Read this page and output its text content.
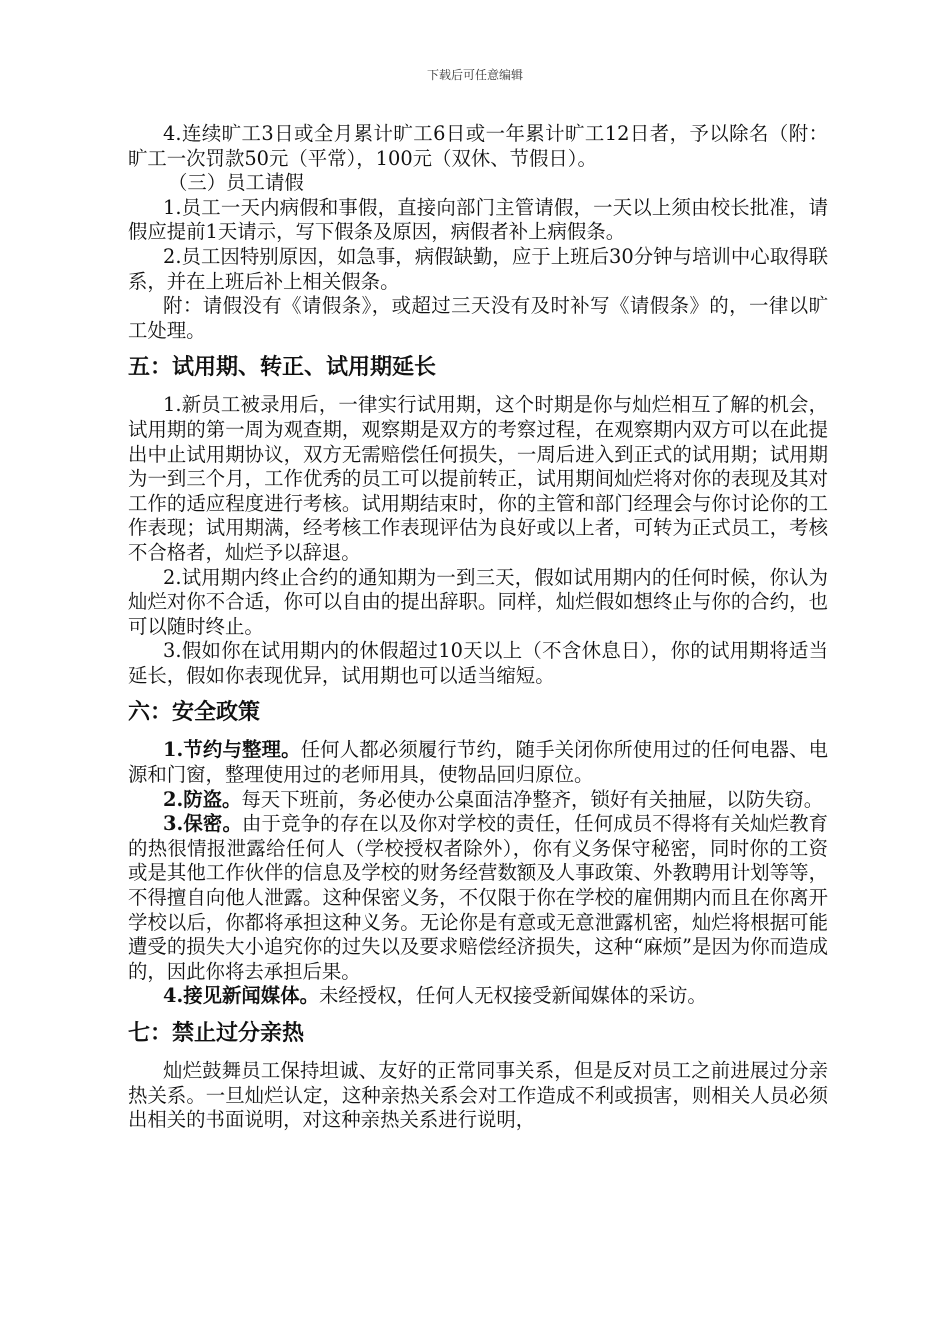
下载后可任意编辑

4.连续旷工3日或全月累计旷工6日或一年累计旷工12日者，予以除名（附：旷工一次罚款50元（平常），100元（双休、节假日）。

（三）员工请假

1.员工一天内病假和事假，直接向部门主管请假，一天以上须由校长批准，请假应提前1天请示，写下假条及原因，病假者补上病假条。

2.员工因特别原因，如急事，病假缺勤，应于上班后30分钟与培训中心取得联系，并在上班后补上相关假条。

附：请假没有《请假条》，或超过三天没有及时补写《请假条》的，一律以旷工处理。

五：试用期、转正、试用期延长

1.新员工被录用后，一律实行试用期，这个时期是你与灿烂相互了解的机会，试用期的第一周为观查期，观察期是双方的考察过程，在观察期内双方可以在此提出中止试用期协议，双方无需赔偿任何损失，一周后进入到正式的试用期；试用期为一到三个月，工作优秀的员工可以提前转正，试用期间灿烂将对你的表现及其对工作的适应程度进行考核。试用期结束时，你的主管和部门经理会与你讨论你的工作表现；试用期满，经考核工作表现评估为良好或以上者，可转为正式员工，考核不合格者，灿烂予以辞退。

2.试用期内终止合约的通知期为一到三天，假如试用期内的任何时候，你认为灿烂对你不合适，你可以自由的提出辞职。同样，灿烂假如想终止与你的合约，也可以随时终止。

3.假如你在试用期内的休假超过10天以上（不含休息日），你的试用期将适当延长，假如你表现优异，试用期也可以适当缩短。

六：安全政策

1.节约与整理。任何人都必须履行节约，随手关闭你所使用过的任何电器、电源和门窗，整理使用过的老师用具，使物品回归原位。

2.防盗。每天下班前，务必使办公桌面洁净整齐，锁好有关抽屉，以防失窃。

3.保密。由于竞争的存在以及你对学校的责任，任何成员不得将有关灿烂教育的热很情报泄露给任何人（学校授权者除外），你有义务保守秘密，同时你的工资或是其他工作伙伴的信息及学校的财务经营数额及人事政策、外教聘用计划等等，不得擅自向他人泄露。这种保密义务，不仅限于你在学校的雇佣期内而且在你离开学校以后，你都将承担这种义务。无论你是有意或无意泄露机密，灿烂将根据可能遭受的损失大小追究你的过失以及要求赔偿经济损失，这种“麻烦”是因为你而造成的，因此你将去承担后果。

4.接见新闻媒体。未经授权，任何人无权接受新闻媒体的采访。

七：禁止过分亲热

灿烂鼓舞员工保持坦诚、友好的正常同事关系，但是反对员工之前进展过分亲热关系。一旦灿烂认定，这种亲热关系会对工作造成不利或损害，则相关人员必须出相关的书面说明，对这种亲热关系进行说明，
